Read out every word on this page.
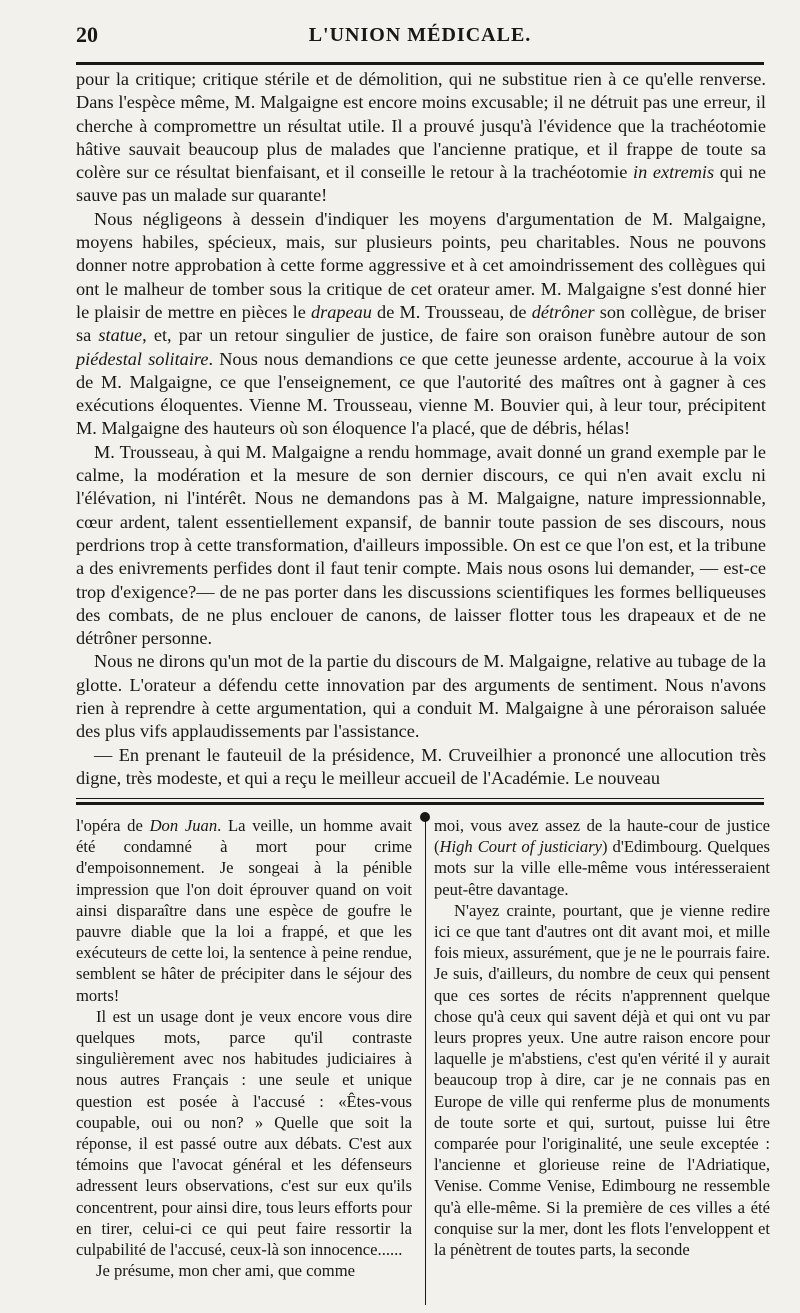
20	L'UNION MÉDICALE.

pour la critique; critique stérile et de démolition, qui ne substitue rien à ce qu'elle renverse. Dans l'espèce même, M. Malgaigne est encore moins excusable; il ne détruit pas une erreur, il cherche à compromettre un résultat utile. Il a prouvé jusqu'à l'évidence que la trachéotomie hâtive sauvait beaucoup plus de malades que l'ancienne pratique, et il frappe de toute sa colère sur ce résultat bienfaisant, et il conseille le retour à la trachéotomie in extremis qui ne sauve pas un malade sur quarante!

Nous négligeons à dessein d'indiquer les moyens d'argumentation de M. Malgaigne, moyens habiles, spécieux, mais, sur plusieurs points, peu charitables. Nous ne pouvons donner notre approbation à cette forme aggressive et à cet amoindrissement des collègues qui ont le malheur de tomber sous la critique de cet orateur amer. M. Malgaigne s'est donné hier le plaisir de mettre en pièces le drapeau de M. Trousseau, de détrôner son collègue, de briser sa statue, et, par un retour singulier de justice, de faire son oraison funèbre autour de son piédestal solitaire. Nous nous demandions ce que cette jeunesse ardente, accourue à la voix de M. Malgaigne, ce que l'enseignement, ce que l'autorité des maîtres ont à gagner à ces exécutions éloquentes. Vienne M. Trousseau, vienne M. Bouvier qui, à leur tour, précipitent M. Malgaigne des hauteurs où son éloquence l'a placé, que de débris, hélas!

M. Trousseau, à qui M. Malgaigne a rendu hommage, avait donné un grand exemple par le calme, la modération et la mesure de son dernier discours, ce qui n'en avait exclu ni l'élévation, ni l'intérêt. Nous ne demandons pas à M. Malgaigne, nature impressionnable, cœur ardent, talent essentiellement expansif, de bannir toute passion de ses discours, nous perdrions trop à cette transformation, d'ailleurs impossible. On est ce que l'on est, et la tribune a des enivrements perfides dont il faut tenir compte. Mais nous osons lui demander, — est-ce trop d'exigence?— de ne pas porter dans les discussions scientifiques les formes belliqueuses des combats, de ne plus enclouer de canons, de laisser flotter tous les drapeaux et de ne détrôner personne.

Nous ne dirons qu'un mot de la partie du discours de M. Malgaigne, relative au tubage de la glotte. L'orateur a défendu cette innovation par des arguments de sentiment. Nous n'avons rien à reprendre à cette argumentation, qui a conduit M. Malgaigne à une péroraison saluée des plus vifs applaudissements par l'assistance.

— En prenant le fauteuil de la présidence, M. Cruveilhier a prononcé une allocution très digne, très modeste, et qui a reçu le meilleur accueil de l'Académie. Le nouveau

l'opéra de Don Juan. La veille, un homme avait été condamné à mort pour crime d'empoisonnement. Je songeai à la pénible impression que l'on doit éprouver quand on voit ainsi disparaître dans une espèce de goufre le pauvre diable que la loi a frappé, et que les exécuteurs de cette loi, la sentence à peine rendue, semblent se hâter de précipiter dans le séjour des morts!

Il est un usage dont je veux encore vous dire quelques mots, parce qu'il contraste singulièrement avec nos habitudes judiciaires à nous autres Français : une seule et unique question est posée à l'accusé : «Êtes-vous coupable, oui ou non? » Quelle que soit la réponse, il est passé outre aux débats. C'est aux témoins que l'avocat général et les défenseurs adressent leurs observations, c'est sur eux qu'ils concentrent, pour ainsi dire, tous leurs efforts pour en tirer, celui-ci ce qui peut faire ressortir la culpabilité de l'accusé, ceux-là son innocence......

Je présume, mon cher ami, que comme

moi, vous avez assez de la haute-cour de justice (High Court of justiciary) d'Edimbourg. Quelques mots sur la ville elle-même vous intéresseraient peut-être davantage.

N'ayez crainte, pourtant, que je vienne redire ici ce que tant d'autres ont dit avant moi, et mille fois mieux, assurément, que je ne le pourrais faire. Je suis, d'ailleurs, du nombre de ceux qui pensent que ces sortes de récits n'apprennent quelque chose qu'à ceux qui savent déjà et qui ont vu par leurs propres yeux. Une autre raison encore pour laquelle je m'abstiens, c'est qu'en vérité il y aurait beaucoup trop à dire, car je ne connais pas en Europe de ville qui renferme plus de monuments de toute sorte et qui, surtout, puisse lui être comparée pour l'originalité, une seule exceptée : l'ancienne et glorieuse reine de l'Adriatique, Venise. Comme Venise, Edimbourg ne ressemble qu'à elle-même. Si la première de ces villes a été conquise sur la mer, dont les flots l'enveloppent et la pénètrent de toutes parts, la seconde
